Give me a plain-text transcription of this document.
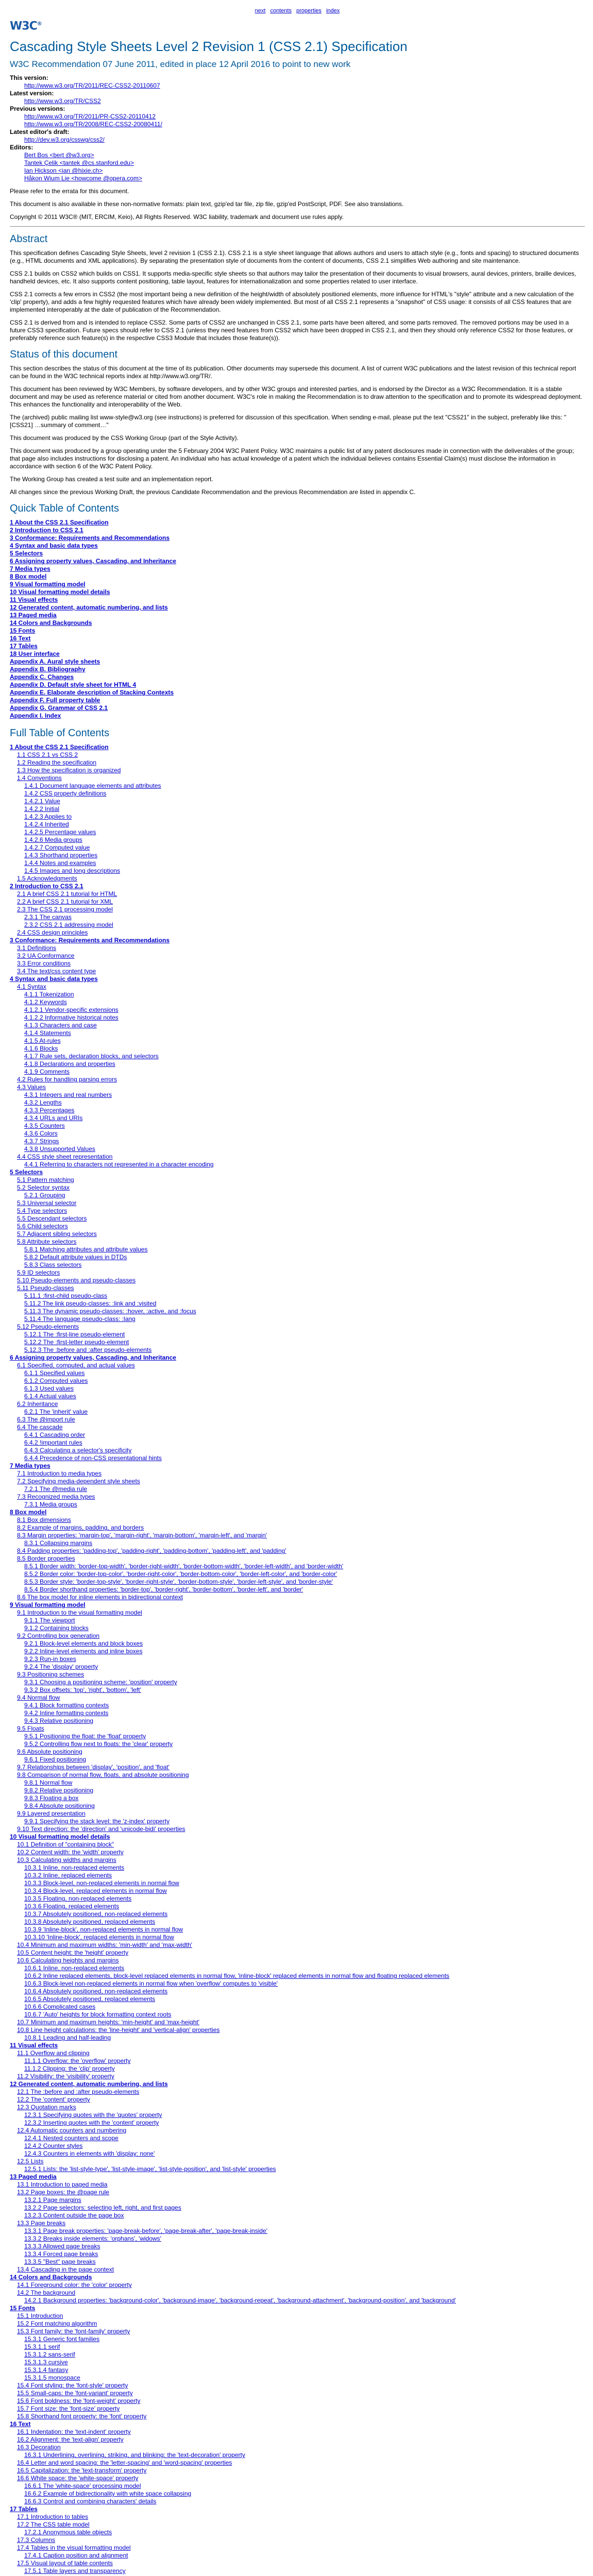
next contents properties index
W3C®
Cascading Style Sheets Level 2 Revision 1 (CSS 2.1) Specification
W3C Recommendation 07 June 2011, edited in place 12 April 2016 to point to new work
This version:
http://www.w3.org/TR/2011/REC-CSS2-20110607
Latest version:
http://www.w3.org/TR/CSS2
Previous versions:
http://www.w3.org/TR/2011/PR-CSS2-20110412
http://www.w3.org/TR/2008/REC-CSS2-20080411/
Latest editor's draft:
http://dev.w3.org/csswg/css2/
Editors:
Bert Bos <bert @w3.org>
Tantek Çelik <tantek @cs.stanford.edu>
Ian Hickson <ian @hixie.ch>
Håkon Wium Lie <howcome @opera.com>

Please refer to the errata for this document.

This document is also available in these non-normative formats: plain text, gzip'ed tar file, zip file, gzip'ed PostScript, PDF. See also translations.

Copyright © 2011 W3C® (MIT, ERCIM, Keio), All Rights Reserved. W3C liability, trademark and document use rules apply.

Abstract

This specification defines Cascading Style Sheets, level 2 revision 1 (CSS 2.1). CSS 2.1 is a style sheet language that allows authors and users to attach style (e.g., fonts and spacing) to structured documents (e.g., HTML documents and XML applications). By separating the presentation style of documents from the content of documents, CSS 2.1 simplifies Web authoring and site maintenance.

CSS 2.1 builds on CSS2 which builds on CSS1. It supports media-specific style sheets so that authors may tailor the presentation of their documents to visual browsers, aural devices, printers, braille devices, handheld devices, etc. It also supports content positioning, table layout, features for internationalization and some properties related to user interface.

CSS 2.1 corrects a few errors in CSS2 (the most important being a new definition of the height/width of absolutely positioned elements, more influence for HTML's "style" attribute and a new calculation of the 'clip' property), and adds a few highly requested features which have already been widely implemented. But most of all CSS 2.1 represents a "snapshot" of CSS usage: it consists of all CSS features that are implemented interoperably at the date of publication of the Recommendation.

CSS 2.1 is derived from and is intended to replace CSS2. Some parts of CSS2 are unchanged in CSS 2.1, some parts have been altered, and some parts removed. The removed portions may be used in a future CSS3 specification. Future specs should refer to CSS 2.1 (unless they need features from CSS2 which have been dropped in CSS 2.1, and then they should only reference CSS2 for those features, or preferably reference such feature(s) in the respective CSS3 Module that includes those feature(s)).

Status of this document

This section describes the status of this document at the time of its publication. Other documents may supersede this document. A list of current W3C publications and the latest revision of this technical report can be found in the W3C technical reports index at http://www.w3.org/TR/.

This document has been reviewed by W3C Members, by software developers, and by other W3C groups and interested parties, and is endorsed by the Director as a W3C Recommendation. It is a stable document and may be used as reference material or cited from another document. W3C's role in making the Recommendation is to draw attention to the specification and to promote its widespread deployment. This enhances the functionality and interoperability of the Web.

The (archived) public mailing list www-style@w3.org (see instructions) is preferred for discussion of this specification. When sending e-mail, please put the text "CSS21" in the subject, preferably like this: "[CSS21] …summary of comment…"

This document was produced by the CSS Working Group (part of the Style Activity).

This document was produced by a group operating under the 5 February 2004 W3C Patent Policy. W3C maintains a public list of any patent disclosures made in connection with the deliverables of the group; that page also includes instructions for disclosing a patent. An individual who has actual knowledge of a patent which the individual believes contains Essential Claim(s) must disclose the information in accordance with section 6 of the W3C Patent Policy.

The Working Group has created a test suite and an implementation report.

All changes since the previous Working Draft, the previous Candidate Recommendation and the previous Recommendation are listed in appendix C.

Quick Table of Contents
1 About the CSS 2.1 Specification
2 Introduction to CSS 2.1
3 Conformance: Requirements and Recommendations
4 Syntax and basic data types
5 Selectors
6 Assigning property values, Cascading, and Inheritance
7 Media types
8 Box model
9 Visual formatting model
10 Visual formatting model details
11 Visual effects
12 Generated content, automatic numbering, and lists
13 Paged media
14 Colors and Backgrounds
15 Fonts
16 Text
17 Tables
18 User interface
Appendix A. Aural style sheets
Appendix B. Bibliography
Appendix C. Changes
Appendix D. Default style sheet for HTML 4
Appendix E. Elaborate description of Stacking Contexts
Appendix F. Full property table
Appendix G. Grammar of CSS 2.1
Appendix I. Index
Full Table of Contents
1 About the CSS 2.1 Specification
1.1 CSS 2.1 vs CSS 2
1.2 Reading the specification
1.3 How the specification is organized
1.4 Conventions
1.4.1 Document language elements and attributes
1.4.2 CSS property definitions
1.4.2.1 Value
1.4.2.2 Initial
1.4.2.3 Applies to
1.4.2.4 Inherited
1.4.2.5 Percentage values
1.4.2.6 Media groups
1.4.2.7 Computed value
1.4.3 Shorthand properties
1.4.4 Notes and examples
1.4.5 Images and long descriptions
1.5 Acknowledgments
2 Introduction to CSS 2.1
2.1 A brief CSS 2.1 tutorial for HTML
2.2 A brief CSS 2.1 tutorial for XML
2.3 The CSS 2.1 processing model
2.3.1 The canvas
2.3.2 CSS 2.1 addressing model
2.4 CSS design principles
3 Conformance: Requirements and Recommendations
3.1 Definitions
3.2 UA Conformance
3.3 Error conditions
3.4 The text/css content type
4 Syntax and basic data types
4.1 Syntax
4.1.1 Tokenization
4.1.2 Keywords
4.1.2.1 Vendor-specific extensions
4.1.2.2 Informative historical notes
4.1.3 Characters and case
4.1.4 Statements
4.1.5 At-rules
4.1.6 Blocks
4.1.7 Rule sets, declaration blocks, and selectors
4.1.8 Declarations and properties
4.1.9 Comments
4.2 Rules for handling parsing errors
4.3 Values
4.3.1 Integers and real numbers
4.3.2 Lengths
4.3.3 Percentages
4.3.4 URLs and URIs
4.3.5 Counters
4.3.6 Colors
4.3.7 Strings
4.3.8 Unsupported Values
4.4 CSS style sheet representation
4.4.1 Referring to characters not represented in a character encoding
5 Selectors
5.1 Pattern matching
5.2 Selector syntax
5.2.1 Grouping
5.3 Universal selector
5.4 Type selectors
5.5 Descendant selectors
5.6 Child selectors
5.7 Adjacent sibling selectors
5.8 Attribute selectors
5.8.1 Matching attributes and attribute values
5.8.2 Default attribute values in DTDs
5.8.3 Class selectors
5.9 ID selectors
5.10 Pseudo-elements and pseudo-classes
5.11 Pseudo-classes
5.11.1 :first-child pseudo-class
5.11.2 The link pseudo-classes: :link and :visited
5.11.3 The dynamic pseudo-classes: :hover, :active, and :focus
5.11.4 The language pseudo-class: :lang
5.12 Pseudo-elements
5.12.1 The :first-line pseudo-element
5.12.2 The :first-letter pseudo-element
5.12.3 The :before and :after pseudo-elements
6 Assigning property values, Cascading, and Inheritance
6.1 Specified, computed, and actual values
6.1.1 Specified values
6.1.2 Computed values
6.1.3 Used values
6.1.4 Actual values
6.2 Inheritance
6.2.1 The 'inherit' value
6.3 The @import rule
6.4 The cascade
6.4.1 Cascading order
6.4.2 !important rules
6.4.3 Calculating a selector's specificity
6.4.4 Precedence of non-CSS presentational hints
7 Media types
7.1 Introduction to media types
7.2 Specifying media-dependent style sheets
7.2.1 The @media rule
7.3 Recognized media types
7.3.1 Media groups
8 Box model
8.1 Box dimensions
8.2 Example of margins, padding, and borders
8.3 Margin properties: 'margin-top', 'margin-right', 'margin-bottom', 'margin-left', and 'margin'
8.3.1 Collapsing margins
8.4 Padding properties: 'padding-top', 'padding-right', 'padding-bottom', 'padding-left', and 'padding'
8.5 Border properties
8.5.1 Border width: 'border-top-width', 'border-right-width', 'border-bottom-width', 'border-left-width', and 'border-width'
8.5.2 Border color: 'border-top-color', 'border-right-color', 'border-bottom-color', 'border-left-color', and 'border-color'
8.5.3 Border style: 'border-top-style', 'border-right-style', 'border-bottom-style', 'border-left-style', and 'border-style'
8.5.4 Border shorthand properties: 'border-top', 'border-right', 'border-bottom', 'border-left', and 'border'
8.6 The box model for inline elements in bidirectional context
9 Visual formatting model
9.1 Introduction to the visual formatting model
9.1.1 The viewport
9.1.2 Containing blocks
9.2 Controlling box generation
9.2.1 Block-level elements and block boxes
9.2.2 Inline-level elements and inline boxes
9.2.3 Run-in boxes
9.2.4 The 'display' property
9.3 Positioning schemes
9.3.1 Choosing a positioning scheme: 'position' property
9.3.2 Box offsets: 'top', 'right', 'bottom', 'left'
9.4 Normal flow
9.4.1 Block formatting contexts
9.4.2 Inline formatting contexts
9.4.3 Relative positioning
9.5 Floats
9.5.1 Positioning the float: the 'float' property
9.5.2 Controlling flow next to floats: the 'clear' property
9.6 Absolute positioning
9.6.1 Fixed positioning
9.7 Relationships between 'display', 'position', and 'float'
9.8 Comparison of normal flow, floats, and absolute positioning
9.8.1 Normal flow
9.8.2 Relative positioning
9.8.3 Floating a box
9.8.4 Absolute positioning
9.9 Layered presentation
9.9.1 Specifying the stack level: the 'z-index' property
9.10 Text direction: the 'direction' and 'unicode-bidi' properties
10 Visual formatting model details
10.1 Definition of "containing block"
10.2 Content width: the 'width' property
10.3 Calculating widths and margins
10.3.1 Inline, non-replaced elements
10.3.2 Inline, replaced elements
10.3.3 Block-level, non-replaced elements in normal flow
10.3.4 Block-level, replaced elements in normal flow
10.3.5 Floating, non-replaced elements
10.3.6 Floating, replaced elements
10.3.7 Absolutely positioned, non-replaced elements
10.3.8 Absolutely positioned, replaced elements
10.3.9 'Inline-block', non-replaced elements in normal flow
10.3.10 'Inline-block', replaced elements in normal flow
10.4 Minimum and maximum widths: 'min-width' and 'max-width'
10.5 Content height: the 'height' property
10.6 Calculating heights and margins
10.6.1 Inline, non-replaced elements
10.6.2 Inline replaced elements, block-level replaced elements in normal flow, 'inline-block' replaced elements in normal flow and floating replaced elements
10.6.3 Block-level non-replaced elements in normal flow when 'overflow' computes to 'visible'
10.6.4 Absolutely positioned, non-replaced elements
10.6.5 Absolutely positioned, replaced elements
10.6.6 Complicated cases
10.6.7 'Auto' heights for block formatting context roots
10.7 Minimum and maximum heights: 'min-height' and 'max-height'
10.8 Line height calculations: the 'line-height' and 'vertical-align' properties
10.8.1 Leading and half-leading
11 Visual effects
11.1 Overflow and clipping
11.1.1 Overflow: the 'overflow' property
11.1.2 Clipping: the 'clip' property
11.2 Visibility: the 'visibility' property
12 Generated content, automatic numbering, and lists
12.1 The :before and :after pseudo-elements
12.2 The 'content' property
12.3 Quotation marks
12.3.1 Specifying quotes with the 'quotes' property
12.3.2 Inserting quotes with the 'content' property
12.4 Automatic counters and numbering
12.4.1 Nested counters and scope
12.4.2 Counter styles
12.4.3 Counters in elements with 'display: none'
12.5 Lists
12.5.1 Lists: the 'list-style-type', 'list-style-image', 'list-style-position', and 'list-style' properties
13 Paged media
13.1 Introduction to paged media
13.2 Page boxes: the @page rule
13.2.1 Page margins
13.2.2 Page selectors: selecting left, right, and first pages
13.2.3 Content outside the page box
13.3 Page breaks
13.3.1 Page break properties: 'page-break-before', 'page-break-after', 'page-break-inside'
13.3.2 Breaks inside elements: 'orphans', 'widows'
13.3.3 Allowed page breaks
13.3.4 Forced page breaks
13.3.5 "Best" page breaks
13.4 Cascading in the page context
14 Colors and Backgrounds
14.1 Foreground color: the 'color' property
14.2 The background
14.2.1 Background properties: 'background-color', 'background-image', 'background-repeat', 'background-attachment', 'background-position', and 'background'
15 Fonts
15.1 Introduction
15.2 Font matching algorithm
15.3 Font family: the 'font-family' property
15.3.1 Generic font families
15.3.1.1 serif
15.3.1.2 sans-serif
15.3.1.3 cursive
15.3.1.4 fantasy
15.3.1.5 monospace
15.4 Font styling: the 'font-style' property
15.5 Small-caps: the 'font-variant' property
15.6 Font boldness: the 'font-weight' property
15.7 Font size: the 'font-size' property
15.8 Shorthand font property: the 'font' property
16 Text
16.1 Indentation: the 'text-indent' property
16.2 Alignment: the 'text-align' property
16.3 Decoration
16.3.1 Underlining, overlining, striking, and blinking: the 'text-decoration' property
16.4 Letter and word spacing: the 'letter-spacing' and 'word-spacing' properties
16.5 Capitalization: the 'text-transform' property
16.6 White space: the 'white-space' property
16.6.1 The 'white-space' processing model
16.6.2 Example of bidirectionality with white space collapsing
16.6.3 Control and combining characters' details
17 Tables
17.1 Introduction to tables
17.2 The CSS table model
17.2.1 Anonymous table objects
17.3 Columns
17.4 Tables in the visual formatting model
17.4.1 Caption position and alignment
17.5 Visual layout of table contents
17.5.1 Table layers and transparency
